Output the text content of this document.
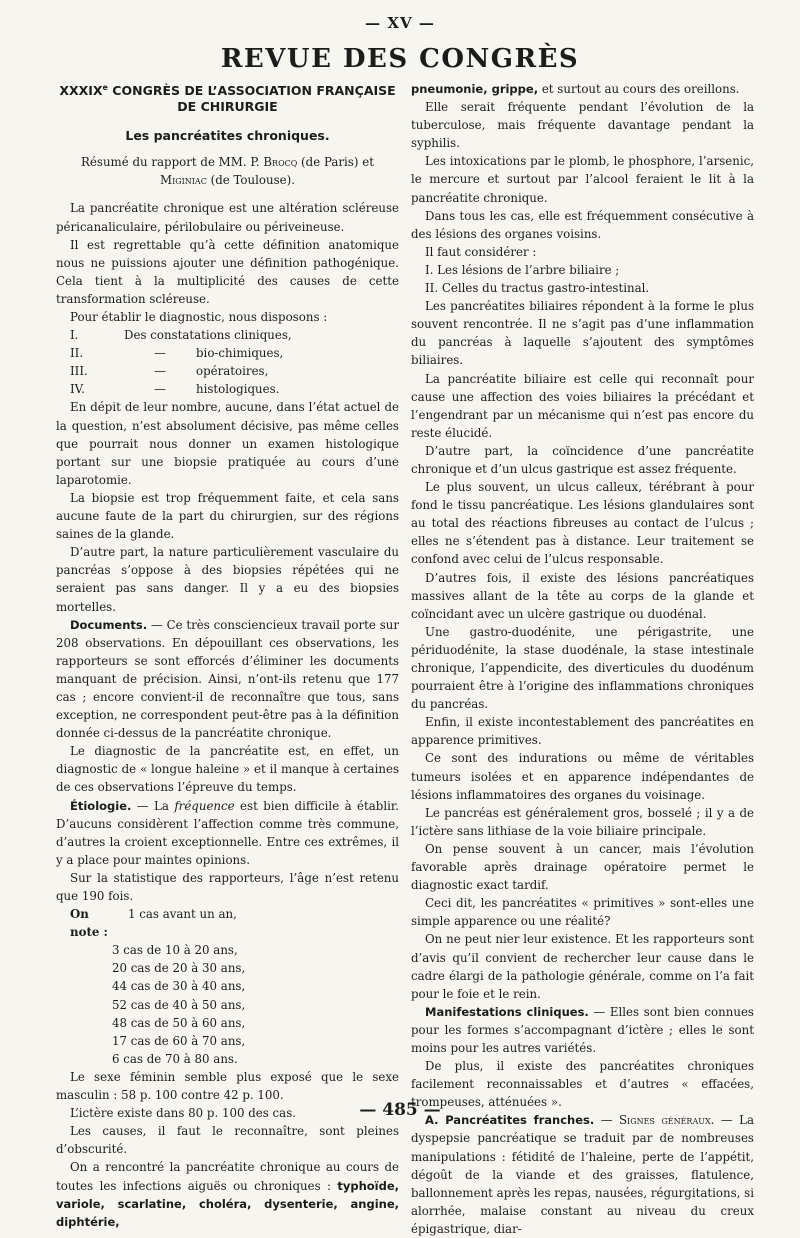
— XV —
REVUE DES CONGRÈS
XXXIXe CONGRÈS DE L’ASSOCIATION FRANÇAISE DE CHIRURGIE
Les pancréatites chroniques.

Résumé du rapport de MM. P. Brocq (de Paris) et Miginiac (de Toulouse).

La pancréatite chronique est une altération scléreuse péricanaliculaire, périlobulaire ou périveineuse.

Il est regrettable qu’à cette définition anatomique nous ne puissions ajouter une définition pathogénique. Cela tient à la multiplicité des causes de cette transformation scléreuse.

Pour établir le diagnostic, nous disposons :

I.	Des constatations cliniques,
II.	—	bio-chimiques,
III.	—	opératoires,
IV.	—	histologiques.

En dépit de leur nombre, aucune, dans l’état actuel de la question, n’est absolument décisive, pas même celles que pourrait nous donner un examen histologique portant sur une biopsie pratiquée au cours d’une laparotomie.

La biopsie est trop fréquemment faite, et cela sans aucune faute de la part du chirurgien, sur des régions saines de la glande.

D’autre part, la nature particulièrement vasculaire du pancréas s’oppose à des biopsies répétées qui ne seraient pas sans danger. Il y a eu des biopsies mortelles.

Documents. — Ce très consciencieux travail porte sur 208 observations. En dépouillant ces observations, les rapporteurs se sont efforcés d’éliminer les documents manquant de précision. Ainsi, n’ont-ils retenu que 177 cas ; encore convient-il de reconnaître que tous, sans exception, ne correspondent peut-être pas à la définition donnée ci-dessus de la pancréatite chronique.

Le diagnostic de la pancréatite est, en effet, un diagnostic de « longue haleine » et il manque à certaines de ces observations l’épreuve du temps.

Étiologie. — La fréquence est bien difficile à établir. D’aucuns considèrent l’affection comme très commune, d’autres la croient exceptionnelle. Entre ces extrêmes, il y a place pour maintes opinions.

Sur la statistique des rapporteurs, l’âge n’est retenu que 190 fois.

On note :
1 cas avant un an,
3 cas de 10 à 20 ans,
20 cas de 20 à 30 ans,
44 cas de 30 à 40 ans,
52 cas de 40 à 50 ans,
48 cas de 50 à 60 ans,
17 cas de 60 à 70 ans,
6 cas de 70 à 80 ans.

Le sexe féminin semble plus exposé que le sexe masculin : 58 p. 100 contre 42 p. 100.

L’ictère existe dans 80 p. 100 des cas.

Les causes, il faut le reconnaître, sont pleines d’obscurité.

On a rencontré la pancréatite chronique au cours de toutes les infections aiguës ou chroniques : typhoïde, variole, scarlatine, choléra, dysenterie, angine, diphtérie,

pneumonie, grippe, et surtout au cours des oreillons.

Elle serait fréquente pendant l’évolution de la tuberculose, mais fréquente davantage pendant la syphilis.

Les intoxications par le plomb, le phosphore, l’arsenic, le mercure et surtout par l’alcool feraient le lit à la pancréatite chronique.

Dans tous les cas, elle est fréquemment consécutive à des lésions des organes voisins.

Il faut considérer :

I. Les lésions de l’arbre biliaire ;

II. Celles du tractus gastro-intestinal.

Les pancréatites biliaires répondent à la forme le plus souvent rencontrée. Il ne s’agit pas d’une inflammation du pancréas à laquelle s’ajoutent des symptômes biliaires.

La pancréatite biliaire est celle qui reconnaît pour cause une affection des voies biliaires la précédant et l’engendrant par un mécanisme qui n’est pas encore du reste élucidé.

D’autre part, la coïncidence d’une pancréatite chronique et d’un ulcus gastrique est assez fréquente.

Le plus souvent, un ulcus calleux, térébrant à pour fond le tissu pancréatique. Les lésions glandulaires sont au total des réactions fibreuses au contact de l’ulcus ; elles ne s’étendent pas à distance. Leur traitement se confond avec celui de l’ulcus responsable.

D’autres fois, il existe des lésions pancréatiques massives allant de la tête au corps de la glande et coïncidant avec un ulcère gastrique ou duodénal.

Une gastro-duodénite, une périgastrite, une périduodénite, la stase duodénale, la stase intestinale chronique, l’appendicite, des diverticules du duodénum pourraient être à l’origine des inflammations chroniques du pancréas.

Enfin, il existe incontestablement des pancréatites en apparence primitives.

Ce sont des indurations ou même de véritables tumeurs isolées et en apparence indépendantes de lésions inflammatoires des organes du voisinage.

Le pancréas est généralement gros, bosselé ; il y a de l’ictère sans lithiase de la voie biliaire principale.

On pense souvent à un cancer, mais l’évolution favorable après drainage opératoire permet le diagnostic exact tardif.

Ceci dit, les pancréatites « primitives » sont-elles une simple apparence ou une réalité?

On ne peut nier leur existence. Et les rapporteurs sont d’avis qu’il convient de rechercher leur cause dans le cadre élargi de la pathologie générale, comme on l’a fait pour le foie et le rein.

Manifestations cliniques. — Elles sont bien connues pour les formes s’accompagnant d’ictère ; elles le sont moins pour les autres variétés.

De plus, il existe des pancréatites chroniques facilement reconnaissables et d’autres « effacées, trompeuses, atténuées ».

A. Pancréatites franches. — Signes généraux. — La dyspepsie pancréatique se traduit par de nombreuses manipulations : fétidité de l’haleine, perte de l’appétit, dégoût de la viande et des graisses, flatulence, ballonnement après les repas, nausées, régurgitations, si alorrhée, malaise constant au niveau du creux épigastrique, diar-

— 485 —
